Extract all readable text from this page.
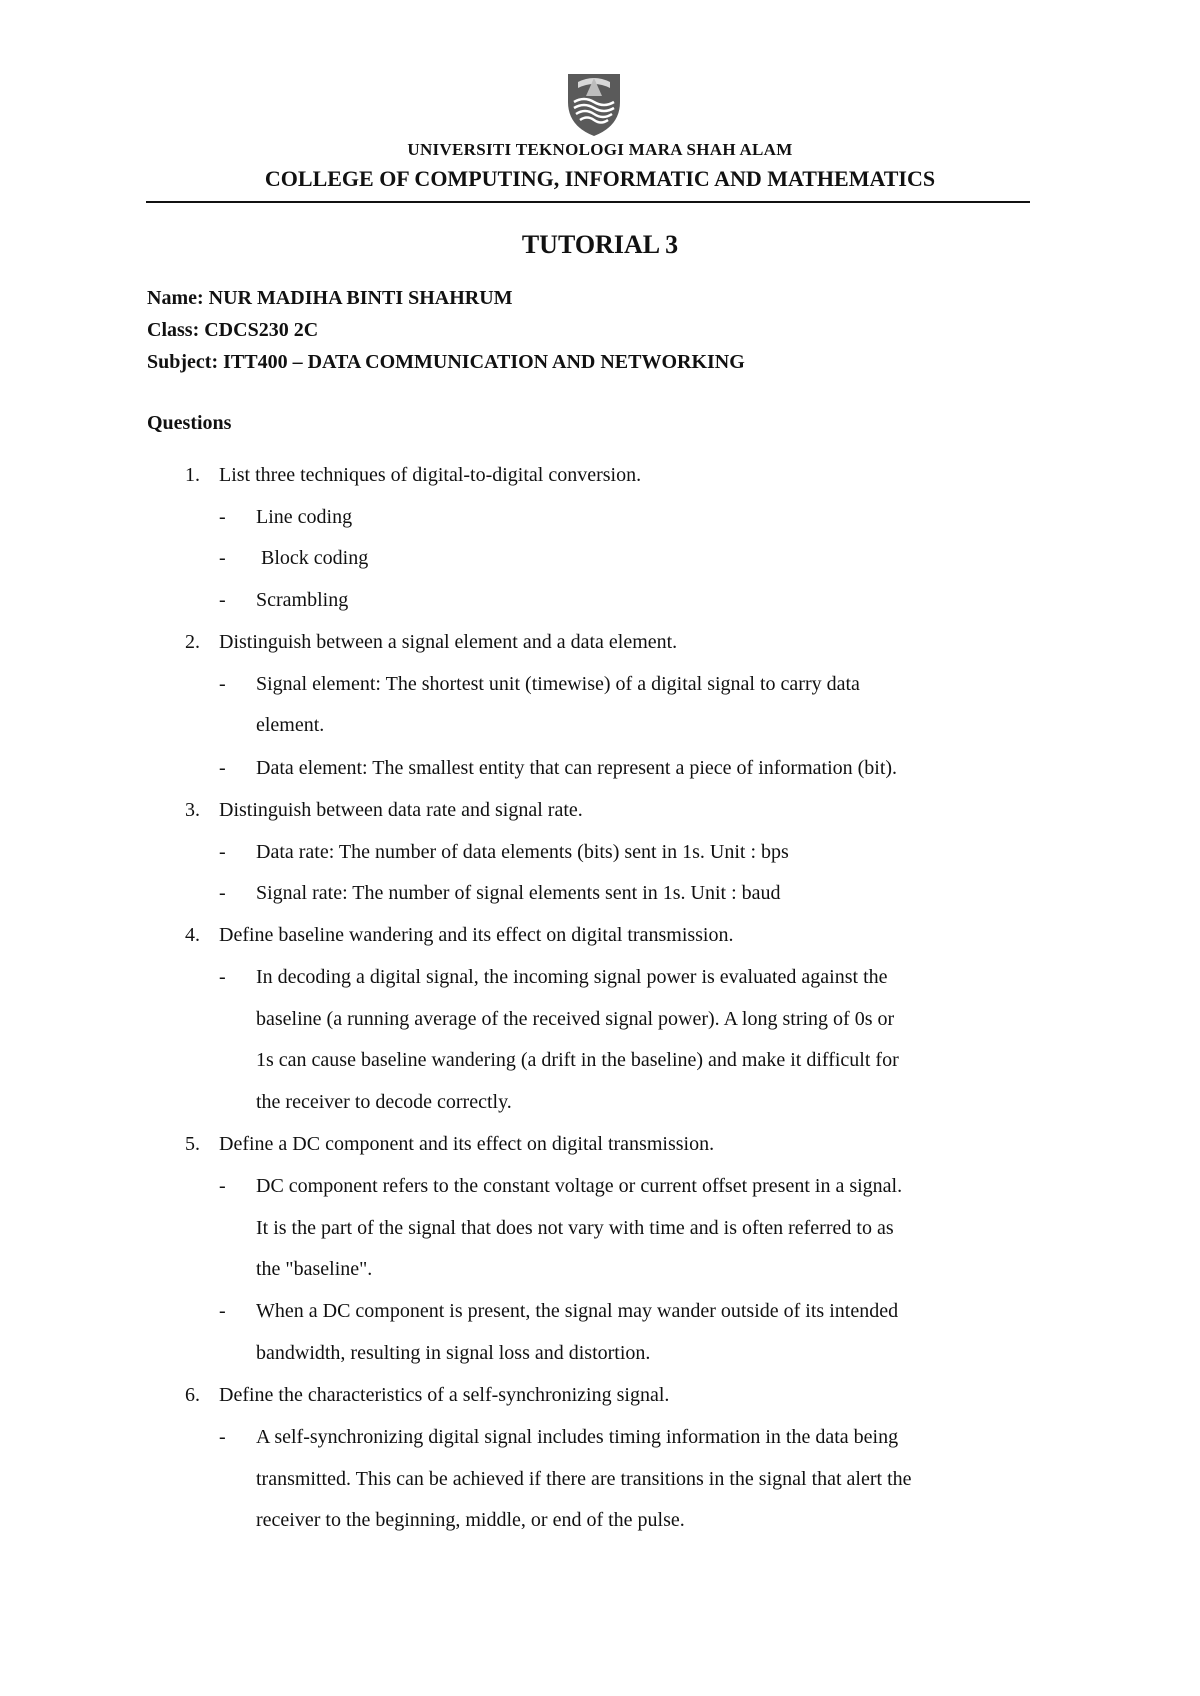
UNIVERSITI TEKNOLOGI MARA SHAH ALAM
COLLEGE OF COMPUTING, INFORMATIC AND MATHEMATICS
TUTORIAL 3
Name: NUR MADIHA BINTI SHAHRUM
Class: CDCS230 2C
Subject: ITT400 – DATA COMMUNICATION AND NETWORKING
Questions
1. List three techniques of digital-to-digital conversion.
- Line coding
- Block coding
- Scrambling
2. Distinguish between a signal element and a data element.
- Signal element: The shortest unit (timewise) of a digital signal to carry data
element.
- Data element: The smallest entity that can represent a piece of information (bit).
3. Distinguish between data rate and signal rate.
- Data rate: The number of data elements (bits) sent in 1s. Unit : bps
- Signal rate: The number of signal elements sent in 1s. Unit : baud
4. Define baseline wandering and its effect on digital transmission.
- In decoding a digital signal, the incoming signal power is evaluated against the
baseline (a running average of the received signal power). A long string of 0s or
1s can cause baseline wandering (a drift in the baseline) and make it difficult for
the receiver to decode correctly.
5. Define a DC component and its effect on digital transmission.
- DC component refers to the constant voltage or current offset present in a signal.
It is the part of the signal that does not vary with time and is often referred to as
the "baseline".
- When a DC component is present, the signal may wander outside of its intended
bandwidth, resulting in signal loss and distortion.
6. Define the characteristics of a self-synchronizing signal.
- A self-synchronizing digital signal includes timing information in the data being
transmitted. This can be achieved if there are transitions in the signal that alert the
receiver to the beginning, middle, or end of the pulse.
